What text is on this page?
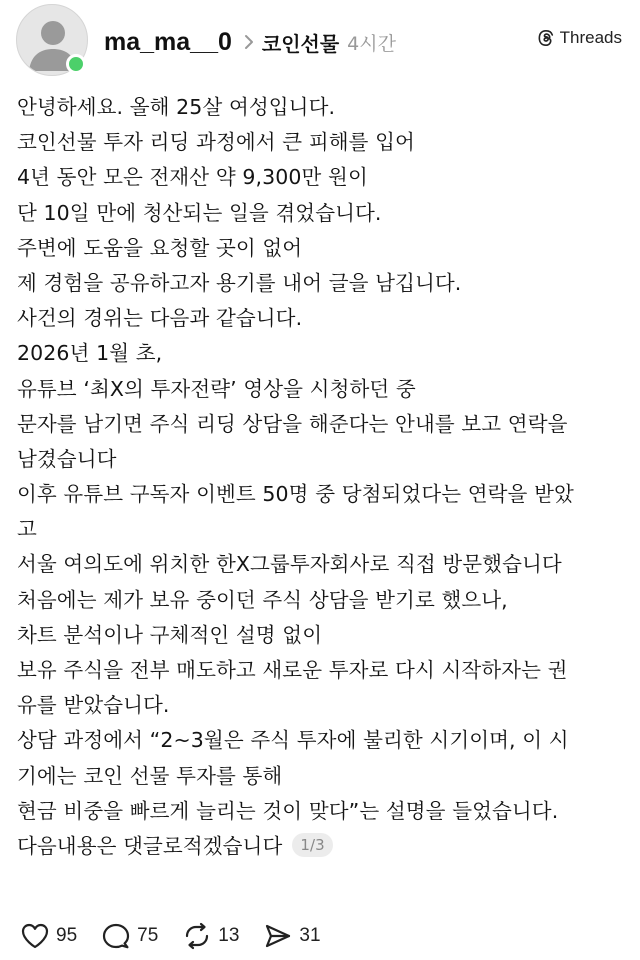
ma_ma__0 코인선물 4시간	Threads
안녕하세요. 올해 25살 여성입니다.
코인선물 투자 리딩 과정에서 큰 피해를 입어
4년 동안 모은 전재산 약 9,300만 원이
단 10일 만에 청산되는 일을 겪었습니다.
주변에 도움을 요청할 곳이 없어
제 경험을 공유하고자 용기를 내어 글을 남깁니다.
사건의 경위는 다음과 같습니다.
2026년 1월 초,
유튜브 ‘최X의 투자전략’ 영상을 시청하던 중
문자를 남기면 주식 리딩 상담을 해준다는 안내를 보고 연락을
남겼습니다
이후 유튜브 구독자 이벤트 50명 중 당첨되었다는 연락을 받았
고
서울 여의도에 위치한 한X그룹투자회사로 직접 방문했습니다
처음에는 제가 보유 중이던 주식 상담을 받기로 했으나,
차트 분석이나 구체적인 설명 없이
보유 주식을 전부 매도하고 새로운 투자로 다시 시작하자는 권
유를 받았습니다.
상담 과정에서 “2~3월은 주식 투자에 불리한 시기이며, 이 시
기에는 코인 선물 투자를 통해
현금 비중을 빠르게 늘리는 것이 맞다”는 설명을 들었습니다.
다음내용은 댓글로적겠습니다 1/3
95	75	13	31
